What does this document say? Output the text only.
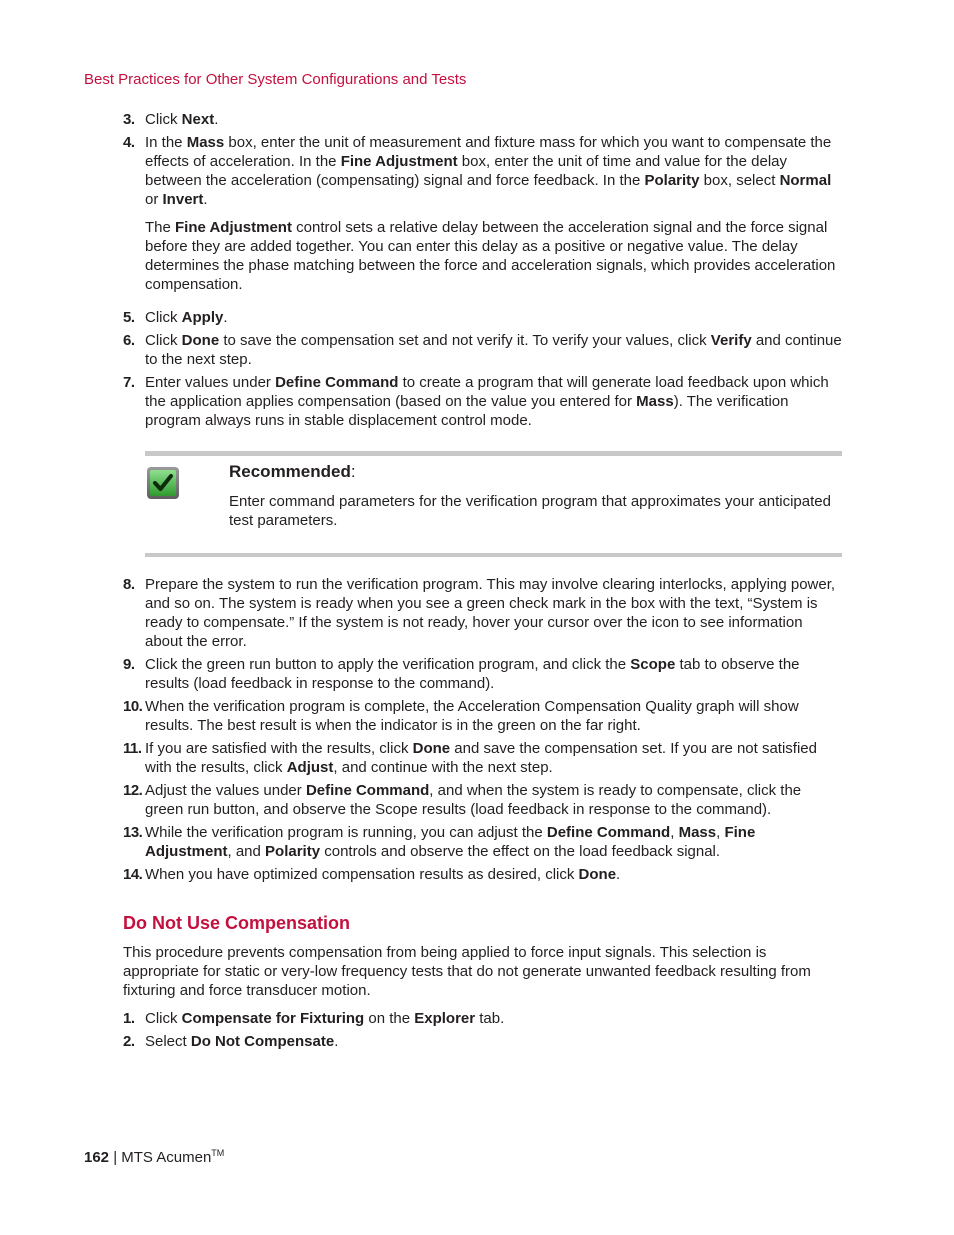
Best Practices for Other System Configurations and Tests
3. Click Next.

4. In the Mass box, enter the unit of measurement and fixture mass for which you want to compensate the effects of acceleration. In the Fine Adjustment box, enter the unit of time and value for the delay between the acceleration (compensating) signal and force feedback. In the Polarity box, select Normal or Invert.

The Fine Adjustment control sets a relative delay between the acceleration signal and the force signal before they are added together. You can enter this delay as a positive or negative value. The delay determines the phase matching between the force and acceleration signals, which provides acceleration compensation.

5. Click Apply.

6. Click Done to save the compensation set and not verify it. To verify your values, click Verify and continue to the next step.

7. Enter values under Define Command to create a program that will generate load feedback upon which the application applies compensation (based on the value you entered for Mass). The verification program always runs in stable displacement control mode.

Recommended:
Enter command parameters for the verification program that approximates your anticipated test parameters.
8. Prepare the system to run the verification program. This may involve clearing interlocks, applying power, and so on. The system is ready when you see a green check mark in the box with the text, “System is ready to compensate.” If the system is not ready, hover your cursor over the icon to see information about the error.

9. Click the green run button to apply the verification program, and click the Scope tab to observe the results (load feedback in response to the command).

10. When the verification program is complete, the Acceleration Compensation Quality graph will show results. The best result is when the indicator is in the green on the far right.

11. If you are satisfied with the results, click Done and save the compensation set. If you are not satisfied with the results, click Adjust, and continue with the next step.

12. Adjust the values under Define Command, and when the system is ready to compensate, click the green run button, and observe the Scope results (load feedback in response to the command).

13. While the verification program is running, you can adjust the Define Command, Mass, Fine Adjustment, and Polarity controls and observe the effect on the load feedback signal.

14. When you have optimized compensation results as desired, click Done.

Do Not Use Compensation
This procedure prevents compensation from being applied to force input signals. This selection is appropriate for static or very-low frequency tests that do not generate unwanted feedback resulting from fixturing and force transducer motion.
1. Click Compensate for Fixturing on the Explorer tab.

2. Select Do Not Compensate.

162 | MTS Acumen™
